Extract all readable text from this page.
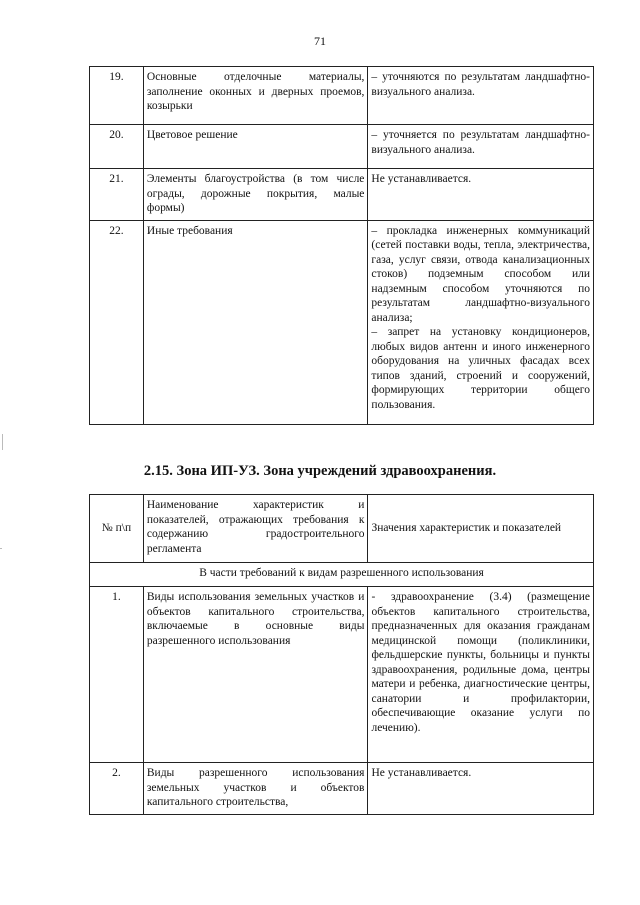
71
19.	Основные отделочные материалы, заполнение оконных и дверных проемов, козырьки	– уточняются по результатам ландшафтно-визуального анализа.
20.	Цветовое решение	– уточняется по результатам ландшафтно-визуального анализа.
21.	Элементы благоустройства (в том числе ограды, дорожные покрытия, малые формы)	Не устанавливается.
22.	Иные требования	– прокладка инженерных коммуникаций (сетей поставки воды, тепла, электричества, газа, услуг связи, отвода канализационных стоков) подземным способом или надземным способом уточняются по результатам ландшафтно-визуального анализа;
– запрет на установку кондиционеров, любых видов антенн и иного инженерного оборудования на уличных фасадах всех типов зданий, строений и сооружений, формирующих территории общего пользования.
2.15. Зона ИП-УЗ. Зона учреждений здравоохранения.
№ п\п	Наименование характеристик и показателей, отражающих требования к содержанию градостроительного регламента	Значения характеристик и показателей
В части требований к видам разрешенного использования		
1.	Виды использования земельных участков и объектов капитального строительства, включаемые в основные виды разрешенного использования	- здравоохранение (3.4) (размещение объектов капитального строительства, предназначенных для оказания гражданам медицинской помощи (поликлиники, фельдшерские пункты, больницы и пункты здравоохранения, родильные дома, центры матери и ребенка, диагностические центры, санатории и профилактории, обеспечивающие оказание услуги по лечению).
2.	Виды разрешенного использования земельных участков и объектов капитального строительства,	Не устанавливается.
